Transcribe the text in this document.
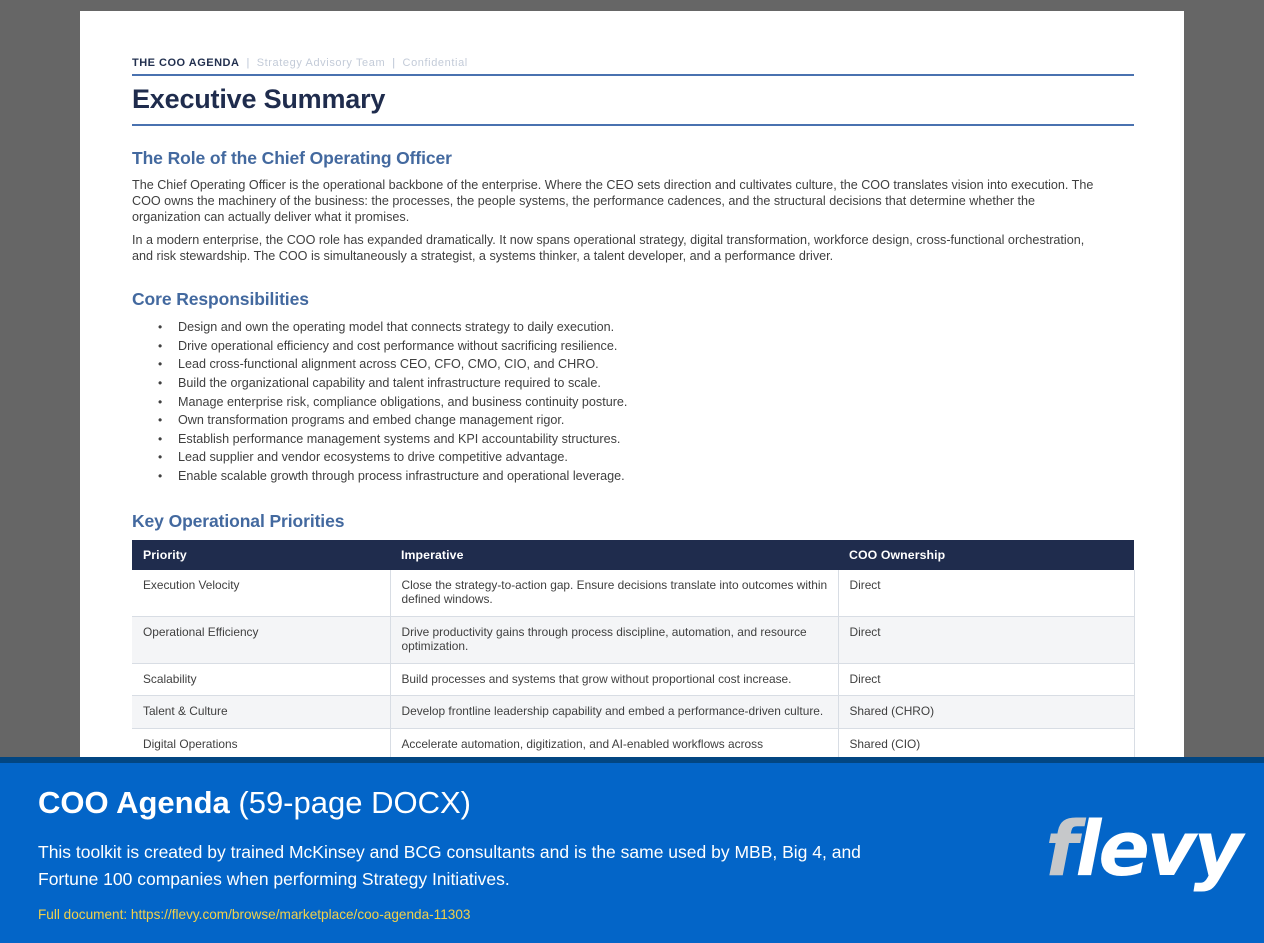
THE COO AGENDA | Strategy Advisory Team | Confidential
Executive Summary
The Role of the Chief Operating Officer

The Chief Operating Officer is the operational backbone of the enterprise. Where the CEO sets direction and cultivates culture, the COO translates vision into execution. The COO owns the machinery of the business: the processes, the people systems, the performance cadences, and the structural decisions that determine whether the organization can actually deliver what it promises.

In a modern enterprise, the COO role has expanded dramatically. It now spans operational strategy, digital transformation, workforce design, cross-functional orchestration, and risk stewardship. The COO is simultaneously a strategist, a systems thinker, a talent developer, and a performance driver.

Core Responsibilities
• Design and own the operating model that connects strategy to daily execution.
• Drive operational efficiency and cost performance without sacrificing resilience.
• Lead cross-functional alignment across CEO, CFO, CMO, CIO, and CHRO.
• Build the organizational capability and talent infrastructure required to scale.
• Manage enterprise risk, compliance obligations, and business continuity posture.
• Own transformation programs and embed change management rigor.
• Establish performance management systems and KPI accountability structures.
• Lead supplier and vendor ecosystems to drive competitive advantage.
• Enable scalable growth through process infrastructure and operational leverage.
Key Operational Priorities
Priority	Imperative	COO Ownership
Execution Velocity	Close the strategy-to-action gap. Ensure decisions translate into outcomes within defined windows.	Direct
Operational Efficiency	Drive productivity gains through process discipline, automation, and resource optimization.	Direct
Scalability	Build processes and systems that grow without proportional cost increase.	Direct
Talent & Culture	Develop frontline leadership capability and embed a performance-driven culture.	Shared (CHRO)
Digital Operations	Accelerate automation, digitization, and AI-enabled workflows across	Shared (CIO)
COO Agenda (59-page DOCX)
This toolkit is created by trained McKinsey and BCG consultants and is the same used by MBB, Big 4, and Fortune 100 companies when performing Strategy Initiatives.
Full document: https://flevy.com/browse/marketplace/coo-agenda-11303
flevy
